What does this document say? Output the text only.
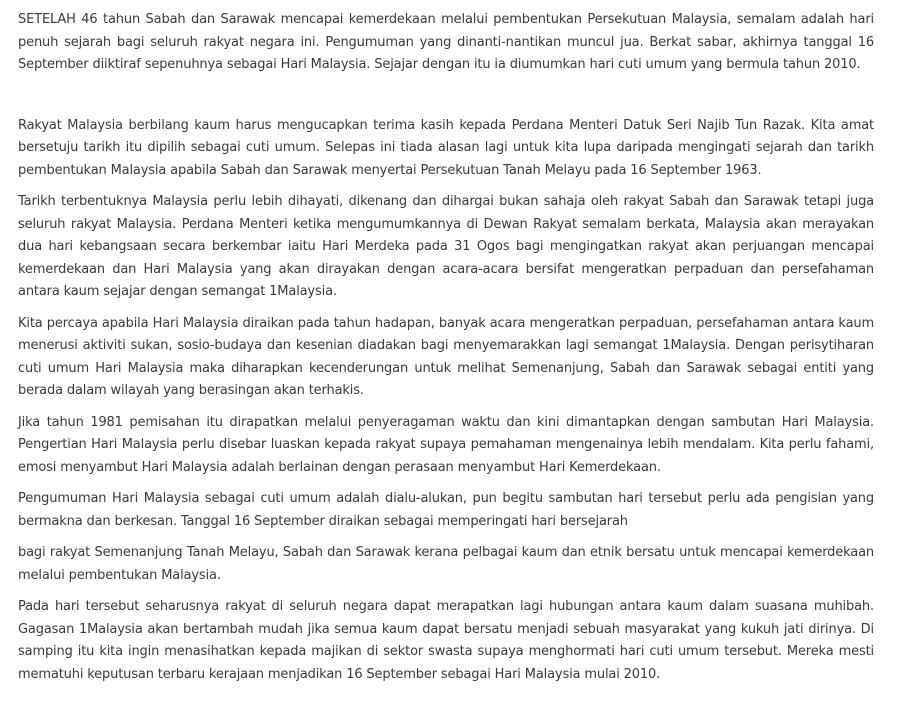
SETELAH 46 tahun Sabah dan Sarawak mencapai kemerdekaan melalui pembentukan Persekutuan Malaysia, semalam adalah hari penuh sejarah bagi seluruh rakyat negara ini. Pengumuman yang dinanti-nantikan muncul jua. Berkat sabar, akhirnya tanggal 16 September diiktiraf sepenuhnya sebagai Hari Malaysia. Sejajar dengan itu ia diumumkan hari cuti umum yang bermula tahun 2010.

Rakyat Malaysia berbilang kaum harus mengucapkan terima kasih kepada Perdana Menteri Datuk Seri Najib Tun Razak. Kita amat bersetuju tarikh itu dipilih sebagai cuti umum. Selepas ini tiada alasan lagi untuk kita lupa daripada mengingati sejarah dan tarikh pembentukan Malaysia apabila Sabah dan Sarawak menyertai Persekutuan Tanah Melayu pada 16 September 1963.

Tarikh terbentuknya Malaysia perlu lebih dihayati, dikenang dan dihargai bukan sahaja oleh rakyat Sabah dan Sarawak tetapi juga seluruh rakyat Malaysia. Perdana Menteri ketika mengumumkannya di Dewan Rakyat semalam berkata, Malaysia akan merayakan dua hari kebangsaan secara berkembar iaitu Hari Merdeka pada 31 Ogos bagi mengingatkan rakyat akan perjuangan mencapai kemerdekaan dan Hari Malaysia yang akan dirayakan dengan acara-acara bersifat mengeratkan perpaduan dan persefahaman antara kaum sejajar dengan semangat 1Malaysia.

Kita percaya apabila Hari Malaysia diraikan pada tahun hadapan, banyak acara mengeratkan perpaduan, persefahaman antara kaum menerusi aktiviti sukan, sosio-budaya dan kesenian diadakan bagi menyemarakkan lagi semangat 1Malaysia. Dengan perisytiharan cuti umum Hari Malaysia maka diharapkan kecenderungan untuk melihat Semenanjung, Sabah dan Sarawak sebagai entiti yang berada dalam wilayah yang berasingan akan terhakis.

Jika tahun 1981 pemisahan itu dirapatkan melalui penyeragaman waktu dan kini dimantapkan dengan sambutan Hari Malaysia. Pengertian Hari Malaysia perlu disebar luaskan kepada rakyat supaya pemahaman mengenainya lebih mendalam. Kita perlu fahami, emosi menyambut Hari Malaysia adalah berlainan dengan perasaan menyambut Hari Kemerdekaan.

Pengumuman Hari Malaysia sebagai cuti umum adalah dialu-alukan, pun begitu sambutan hari tersebut perlu ada pengisian yang bermakna dan berkesan. Tanggal 16 September diraikan sebagai memperingati hari bersejarah

bagi rakyat Semenanjung Tanah Melayu, Sabah dan Sarawak kerana pelbagai kaum dan etnik bersatu untuk mencapai kemerdekaan melalui pembentukan Malaysia.

Pada hari tersebut seharusnya rakyat di seluruh negara dapat merapatkan lagi hubungan antara kaum dalam suasana muhibah. Gagasan 1Malaysia akan bertambah mudah jika semua kaum dapat bersatu menjadi sebuah masyarakat yang kukuh jati dirinya. Di samping itu kita ingin menasihatkan kepada majikan di sektor swasta supaya menghormati hari cuti umum tersebut. Mereka mesti mematuhi keputusan terbaru kerajaan menjadikan 16 September sebagai Hari Malaysia mulai 2010.
